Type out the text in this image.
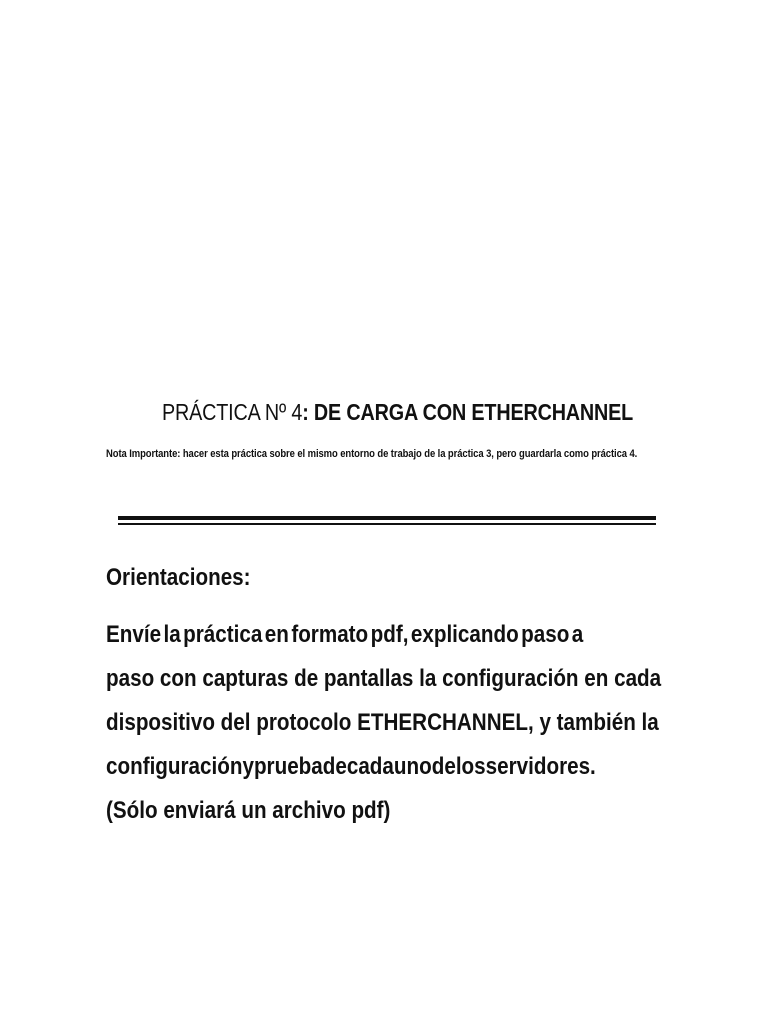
PRÁCTICA Nº 4: DE CARGA CON ETHERCHANNEL
Nota Importante: hacer esta práctica sobre el mismo entorno de trabajo de la práctica 3, pero guardarla como práctica 4.
Orientaciones:
Envíe la práctica en formato pdf, explicando paso a
paso con capturas de pantallas la configuración en cada
dispositivo del protocolo ETHERCHANNEL, y también la
configuración y prueba de cada uno de los servidores.
(Sólo enviará un archivo pdf)
